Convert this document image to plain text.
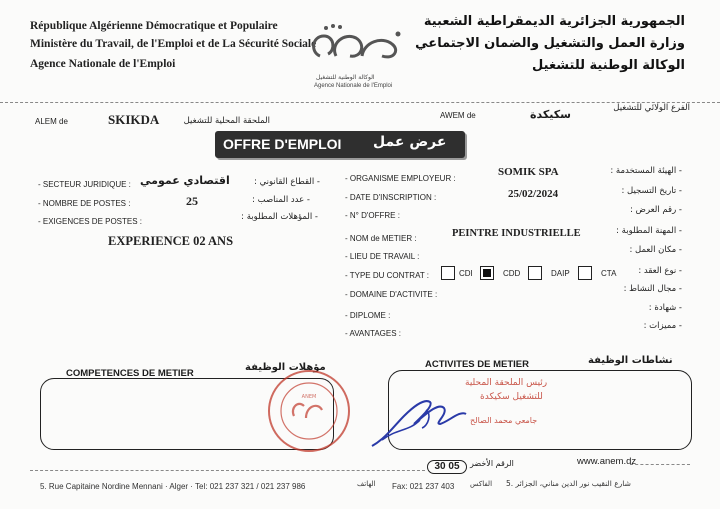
République Algérienne Démocratique et Populaire
Ministère du Travail, de l'Emploi et de La Sécurité Sociale
Agence Nationale de l'Emploi
الجمهورية الجزائرية الديمقراطية الشعبية
وزارة العمل والتشغيل والضمان الاجتماعي
الوكالة الوطنية للتشغيل
الوكالة الوطنية للتشغيل
Agence Nationale de l'Emploi
ALEM de	SKIKDA	الملحقة المحلية للتشغيل
AWEM de	سكيكدة	الفرع الولائي للتشغيل
OFFRE D'EMPLOI عرض عمل
- SECTEUR JURIDIQUE : اقتصادي عمومي	- القطاع القانوني :
- NOMBRE DE POSTES :	25	- عدد المناصب :
- EXIGENCES DE POSTES :	- المؤهلات المطلوبة :
EXPERIENCE 02 ANS
- ORGANISME EMPLOYEUR :
SOMIK SPA	- الهيئة المستخدمة :
- DATE D'INSCRIPTION :	25/02/2024	- تاريخ التسجيل :
- N° D'OFFRE :
- رقم العرض :
- NOM de METIER :	PEINTRE INDUSTRIELLE	- المهنة المطلوبة :
- LIEU DE TRAVAIL :
- مكان العمل :
- TYPE DU CONTRAT :	- نوع العقد :
CDI	CDD	DAIP	CTA
- DOMAINE D'ACTIVITE :
- مجال النشاط :
- DIPLOME :
- شهادة :
- AVANTAGES :
- مميزات :
COMPETENCES DE METIER
مؤهلات الوظيفة	ACTIVITES DE METIER	نشاطات الوظيفة
ANEM
رئيس الملحقة المحلية
للتشغيل سكيكدة
جامعي محمد الصالح
30 05	الرقم الأخضر	www.anem.dz
5. Rue Capitaine Nordine Mennani · Alger · Tel: 021 237 321 / 021 237 986	الهاتف Fax: 021 237 403 الفاكس 5. شارع النقيب نور الدين مناني، الجزائر
